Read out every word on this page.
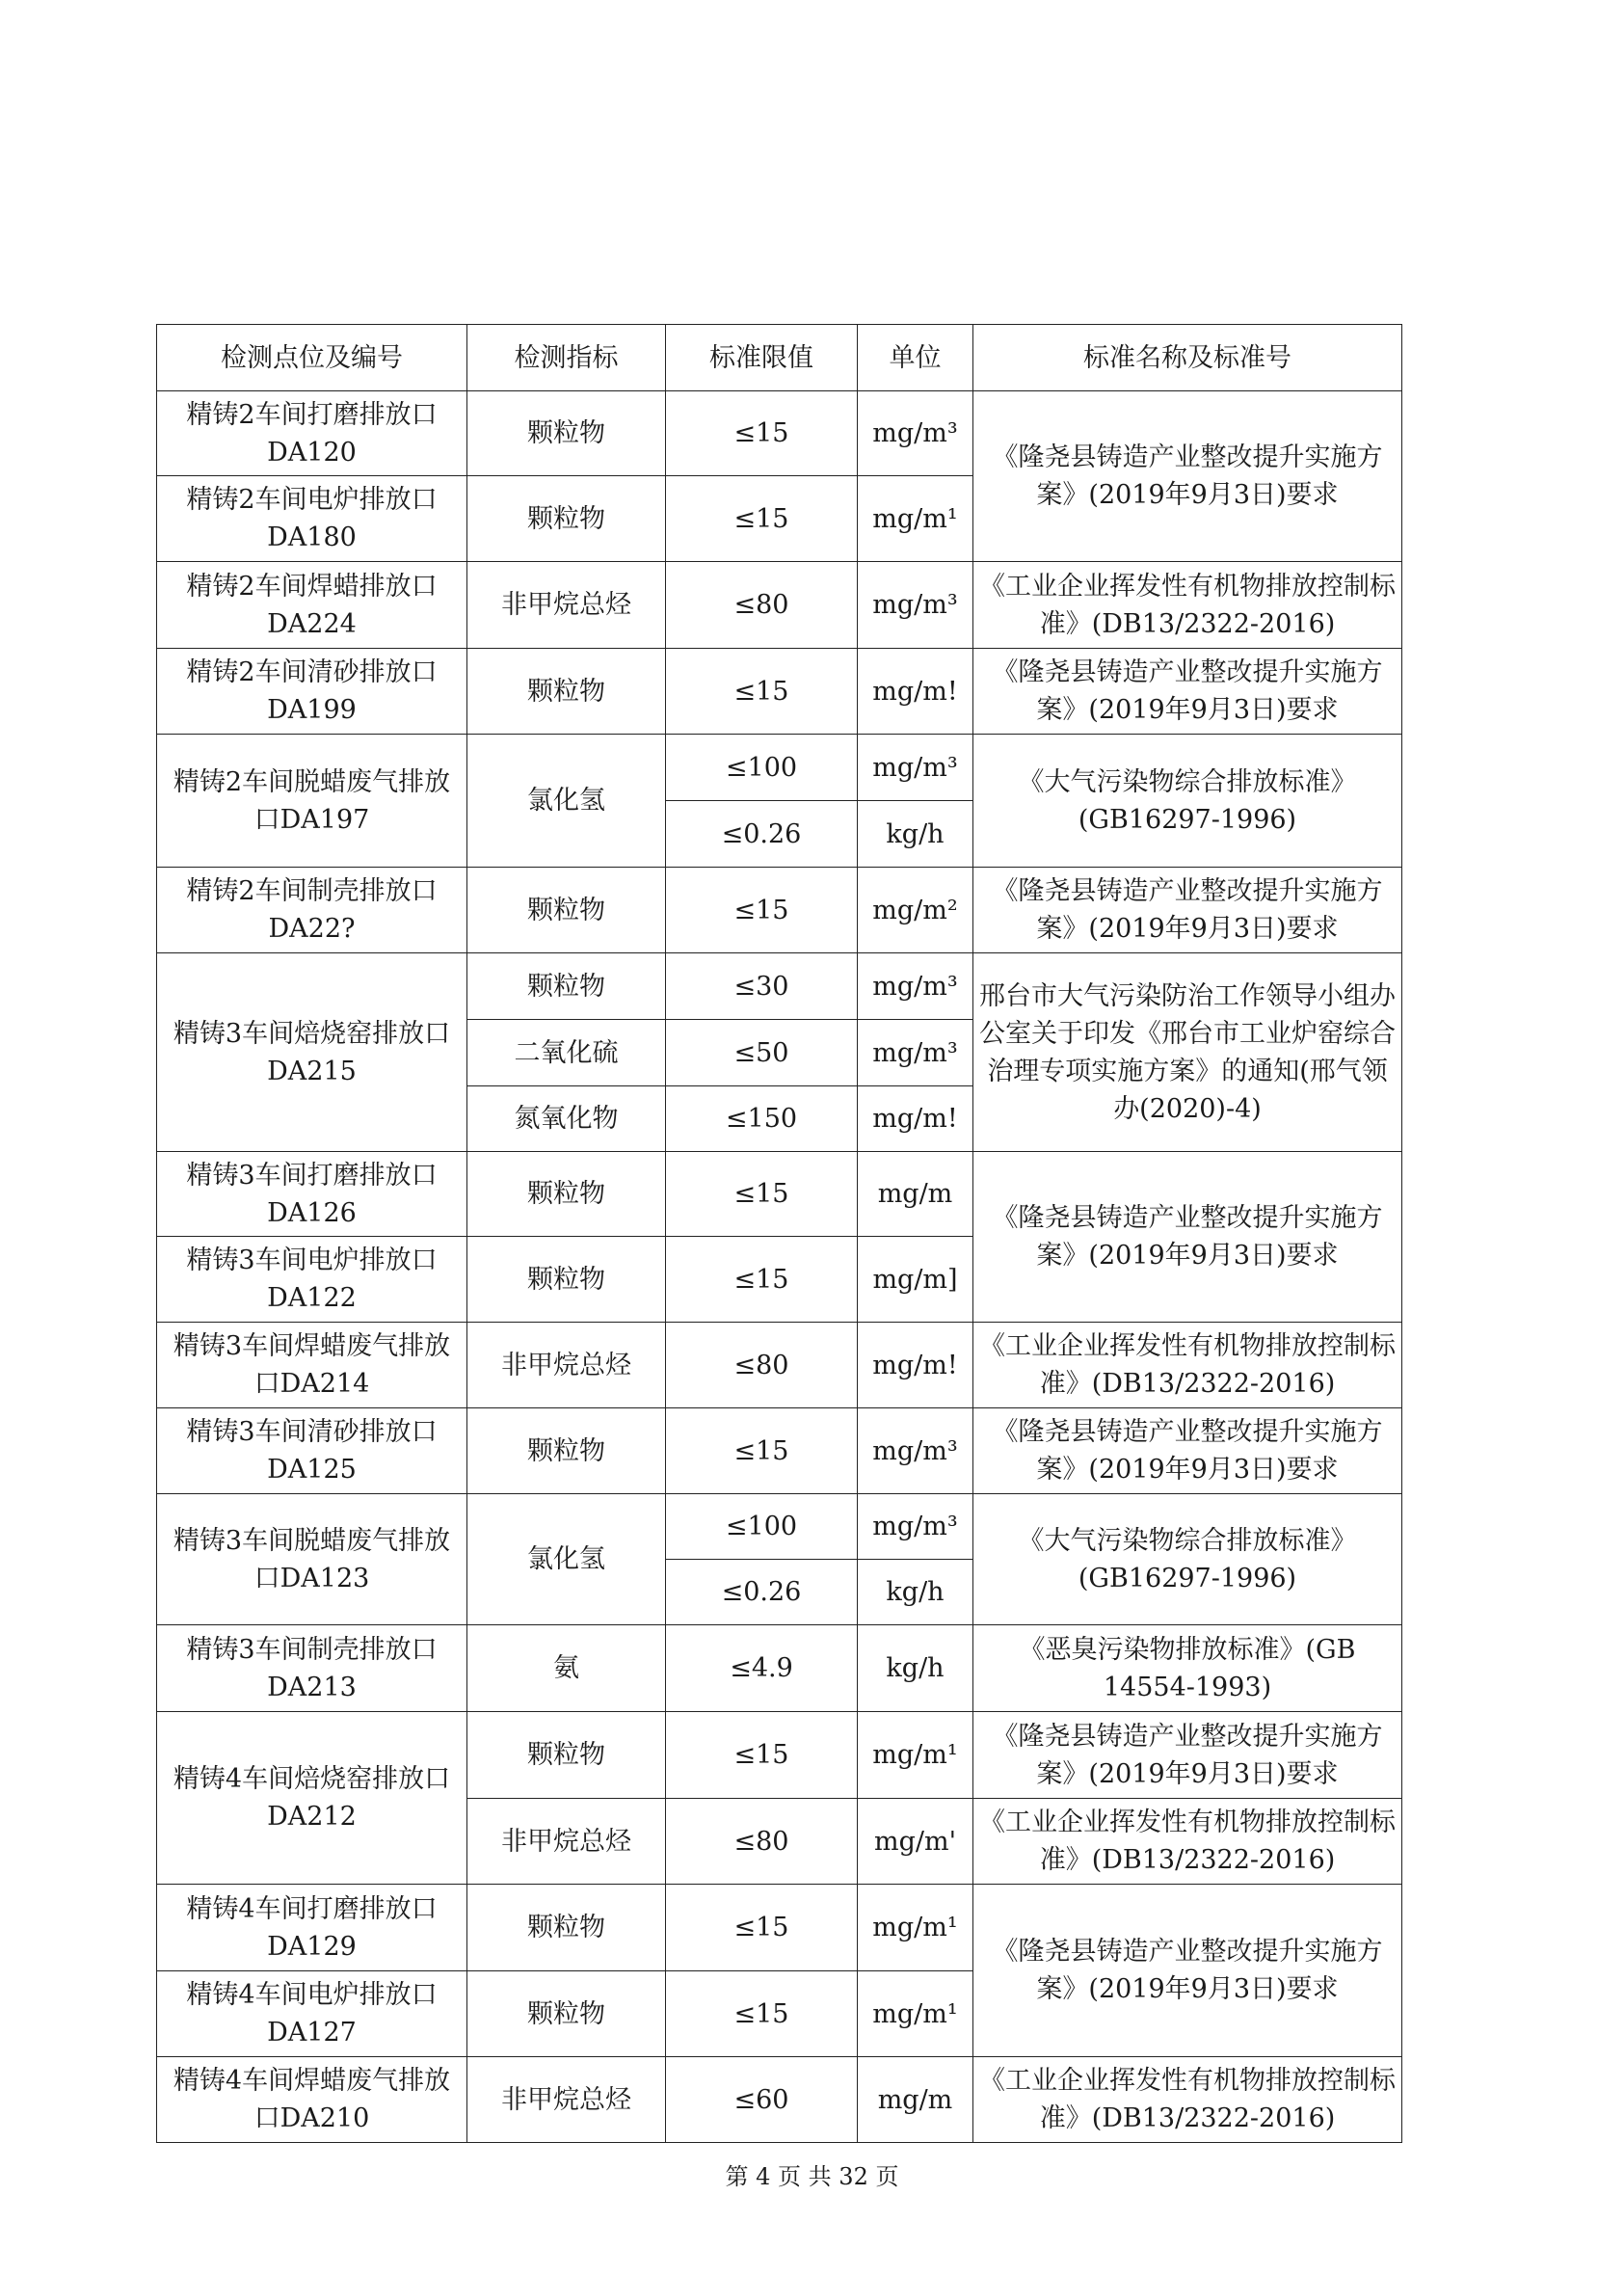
检测点位及编号	检测指标	标准限值	单位	标准名称及标准号
精铸2车间打磨排放口DA120	颗粒物	≤15	mg/m³	《隆尧县铸造产业整改提升实施方案》(2019年9月3日)要求
精铸2车间电炉排放口DA180	颗粒物	≤15	mg/m¹	
精铸2车间焊蜡排放口DA224	非甲烷总烃	≤80	mg/m³	《工业企业挥发性有机物排放控制标准》(DB13/2322-2016)
精铸2车间清砂排放口DA199	颗粒物	≤15	mg/m!	《隆尧县铸造产业整改提升实施方案》(2019年9月3日)要求
精铸2车间脱蜡废气排放口DA197	氯化氢	≤100	mg/m³	《大气污染物综合排放标准》(GB16297-1996)
		≤0.26	kg/h	
精铸2车间制壳排放口DA22?	颗粒物	≤15	mg/m²	《隆尧县铸造产业整改提升实施方案》(2019年9月3日)要求
精铸3车间焙烧窑排放口DA215	颗粒物	≤30	mg/m³	邢台市大气污染防治工作领导小组办公室关于印发《邢台市工业炉窑综合治理专项实施方案》的通知(邢气领办(2020)-4)
	二氧化硫	≤50	mg/m³	
	氮氧化物	≤150	mg/m!	
精铸3车间打磨排放口DA126	颗粒物	≤15	mg/m	《隆尧县铸造产业整改提升实施方案》(2019年9月3日)要求
精铸3车间电炉排放口DA122	颗粒物	≤15	mg/m]	
精铸3车间焊蜡废气排放口DA214	非甲烷总烃	≤80	mg/m!	《工业企业挥发性有机物排放控制标准》(DB13/2322-2016)
精铸3车间清砂排放口DA125	颗粒物	≤15	mg/m³	《隆尧县铸造产业整改提升实施方案》(2019年9月3日)要求
精铸3车间脱蜡废气排放口DA123	氯化氢	≤100	mg/m³	《大气污染物综合排放标准》(GB16297-1996)
		≤0.26	kg/h	
精铸3车间制壳排放口DA213	氨	≤4.9	kg/h	《恶臭污染物排放标准》(GB　14554-1993)
精铸4车间焙烧窑排放口DA212	颗粒物	≤15	mg/m¹	《隆尧县铸造产业整改提升实施方案》(2019年9月3日)要求
	非甲烷总烃	≤80	mg/m'	《工业企业挥发性有机物排放控制标准》(DB13/2322-2016)
精铸4车间打磨排放口DA129	颗粒物	≤15	mg/m¹	《隆尧县铸造产业整改提升实施方案》(2019年9月3日)要求
精铸4车间电炉排放口DA127	颗粒物	≤15	mg/m¹	
精铸4车间焊蜡废气排放口DA210	非甲烷总烃	≤60	mg/m	《工业企业挥发性有机物排放控制标准》(DB13/2322-2016)
第 4 页 共 32 页
